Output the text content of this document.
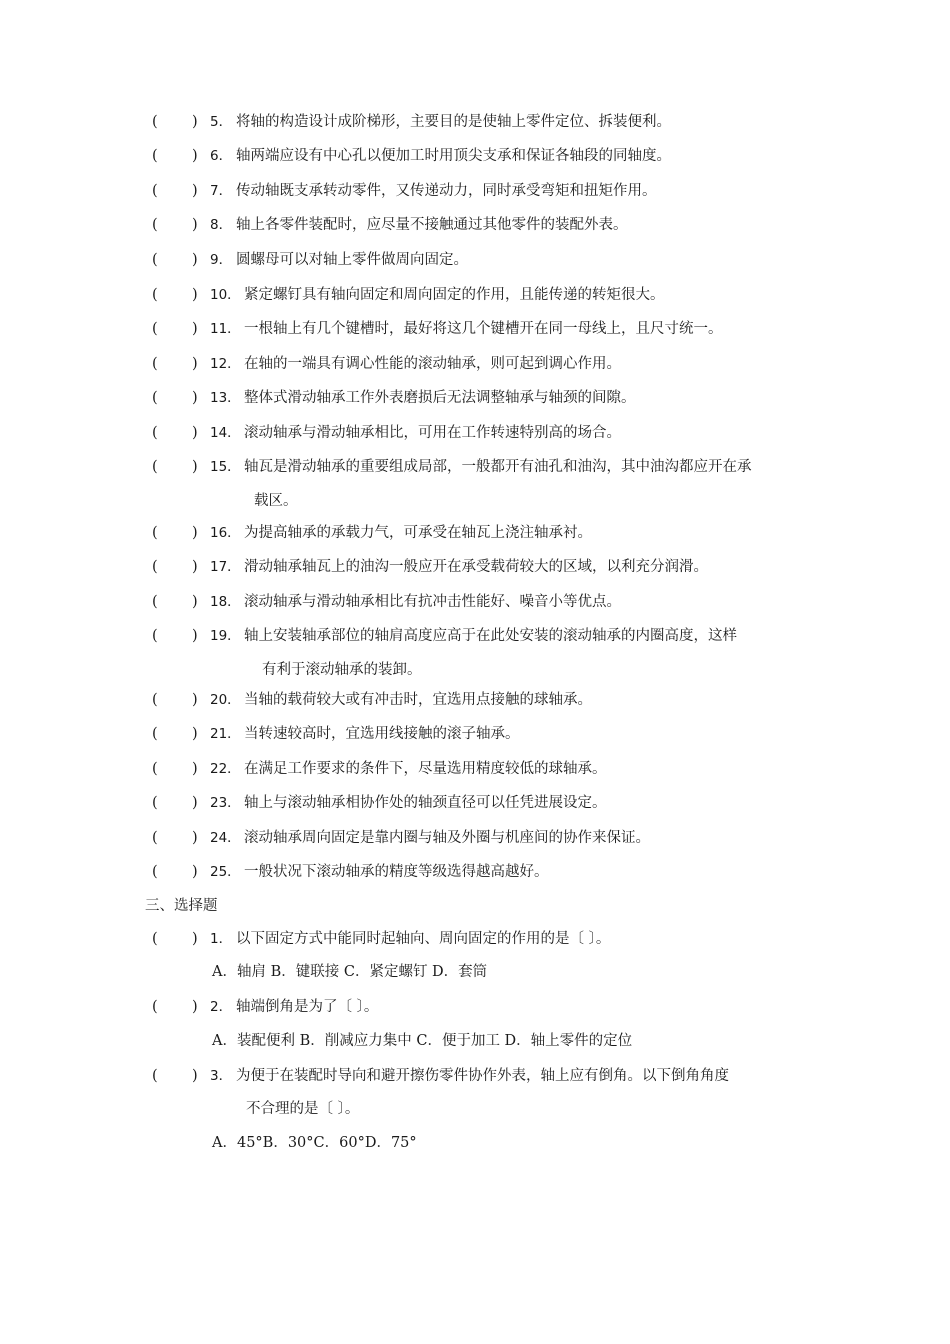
( ) 5． 将轴的构造设计成阶梯形，主要目的是使轴上零件定位、拆装便利。
( ) 6． 轴两端应设有中心孔以便加工时用顶尖支承和保证各轴段的同轴度。
( ) 7． 传动轴既支承转动零件，又传递动力，同时承受弯矩和扭矩作用。
( ) 8． 轴上各零件装配时，应尽量不接触通过其他零件的装配外表。
( ) 9． 圆螺母可以对轴上零件做周向固定。
( ) 10． 紧定螺钉具有轴向固定和周向固定的作用，且能传递的转矩很大。
( ) 11． 一根轴上有几个键槽时，最好将这几个键槽开在同一母线上，且尺寸统一。
( ) 12． 在轴的一端具有调心性能的滚动轴承，则可起到调心作用。
( ) 13． 整体式滑动轴承工作外表磨损后无法调整轴承与轴颈的间隙。
( ) 14． 滚动轴承与滑动轴承相比，可用在工作转速特别高的场合。
( ) 15． 轴瓦是滑动轴承的重要组成局部，一般都开有油孔和油沟，其中油沟都应开在承
载区。
( ) 16． 为提高轴承的承载力气，可承受在轴瓦上浇注轴承衬。
( ) 17． 滑动轴承轴瓦上的油沟一般应开在承受载荷较大的区域，以利充分润滑。
( ) 18． 滚动轴承与滑动轴承相比有抗冲击性能好、噪音小等优点。
( ) 19． 轴上安装轴承部位的轴肩高度应高于在此处安装的滚动轴承的内圈高度，这样
有利于滚动轴承的装卸。
( ) 20． 当轴的载荷较大或有冲击时，宜选用点接触的球轴承。
( ) 21． 当转速较高时，宜选用线接触的滚子轴承。
( ) 22． 在满足工作要求的条件下，尽量选用精度较低的球轴承。
( ) 23． 轴上与滚动轴承相协作处的轴颈直径可以任凭进展设定。
( ) 24． 滚动轴承周向固定是靠内圈与轴及外圈与机座间的协作来保证。
( ) 25． 一般状况下滚动轴承的精度等级选得越高越好。
三、选择题
( ) 1． 以下固定方式中能同时起轴向、周向固定的作用的是〔 〕。
A．轴肩 B．键联接 C．紧定螺钉 D．套筒
( ) 2． 轴端倒角是为了〔 〕。
A．装配便利 B．削减应力集中 C．便于加工 D．轴上零件的定位
( ) 3． 为便于在装配时导向和避开擦伤零件协作外表，轴上应有倒角。以下倒角角度
不合理的是〔 〕。
A．45°B．30°C．60°D．75°
